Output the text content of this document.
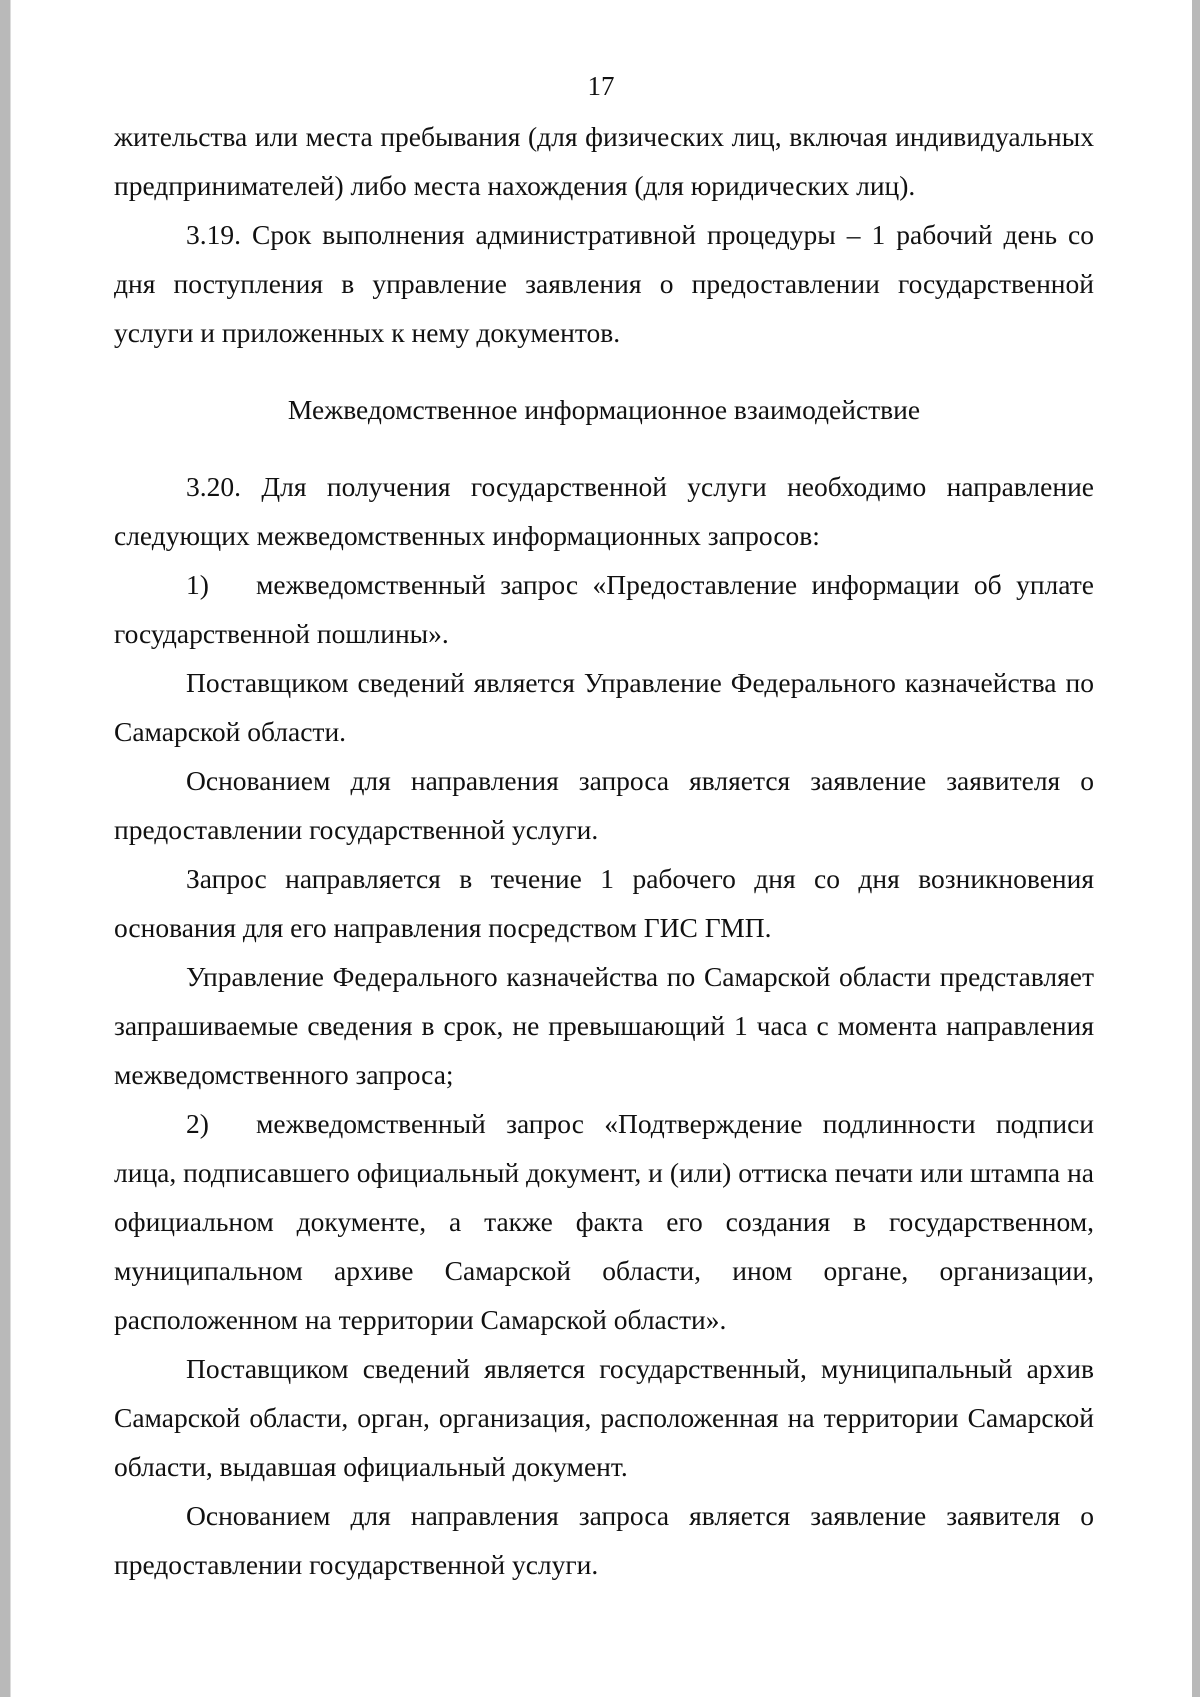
17

жительства или места пребывания (для физических лиц, включая индивидуальных предпринимателей) либо места нахождения (для юридических лиц).

3.19. Срок выполнения административной процедуры – 1 рабочий день со дня поступления в управление заявления о предоставлении государственной услуги и приложенных к нему документов.

Межведомственное информационное взаимодействие

3.20. Для получения государственной услуги необходимо направление следующих межведомственных информационных запросов:

1) межведомственный запрос «Предоставление информации об уплате государственной пошлины».

Поставщиком сведений является Управление Федерального казначейства по Самарской области.

Основанием для направления запроса является заявление заявителя о предоставлении государственной услуги.

Запрос направляется в течение 1 рабочего дня со дня возникновения основания для его направления посредством ГИС ГМП.

Управление Федерального казначейства по Самарской области представляет запрашиваемые сведения в срок, не превышающий 1 часа с момента направления межведомственного запроса;

2) межведомственный запрос «Подтверждение подлинности подписи лица, подписавшего официальный документ, и (или) оттиска печати или штампа на официальном документе, а также факта его создания в государственном, муниципальном архиве Самарской области, ином органе, организации, расположенном на территории Самарской области».

Поставщиком сведений является государственный, муниципальный архив Самарской области, орган, организация, расположенная на территории Самарской области, выдавшая официальный документ.

Основанием для направления запроса является заявление заявителя о предоставлении государственной услуги.
